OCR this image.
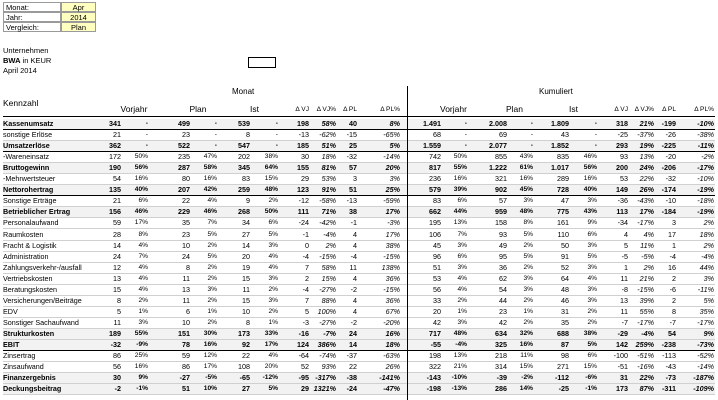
Monat:	Apr
Jahr:	2014
Vergleich:	Plan
Unternehmen
BWA in KEUR
April 2014
Monat	Kumuliert
Kennzahl
Vorjahr	Plan	Ist	Δ VJ Δ VJ% Δ PL	Δ PL%	Vorjahr	Plan	Ist	Δ VJ Δ VJ% Δ PL	Δ PL%
Kassenumsatz	341	-	499	-	539	-	198 58% 40	8%	1.491	-	2.008	-	1.809	-	318 21% -199	-10%
sonstige Erlöse	21	-	23	-	8	-	-13 -62% -15	-65%	68	-	69	-	43	-	-25 -37% -26	-38%
Umsatzerlöse	362	-	522	-	547	-	185 51% 25	5%	1.559	-	2.077	-	1.852	-	293 19% -225	-11%
-Wareneinsatz	172 50%	235 47%	202 38%	30 18% -32	-14%	742 50%	855 43%	835 46%	93 13% -20	-2%
Bruttogewinn	190 56%	287 58%	345 64%	155 81% 57	20%	817 55%	1.222 61%	1.017 56%	200 24% -206	-17%
-Mehrwertsteuer	54 16%	80 16%	83 15%	29 53% 3	3%	236 16%	321 16%	289 16%	53 22% -32	-10%
Nettorohertrag	135 40%	207 42%	259 48%	123 91% 51	25%	579 39%	902 45%	728 40%	149 26% -174	-19%
Sonstige Erträge	21	6%	22	4%	9	2%	-12 -58% -13	-59%	83 6%	57 3%	47	3%	-36 -43% -10	-18%
Betrieblicher Ertrag	156 46%	229 46%	268 50%	111 71% 38	17%	662 44%	959 48%	775 43%	113 17% -184	-19%
Personalaufwand	59 17%	35	7%	34	6%	-24 -42% -1	-3%	195 13%	158 8%	161	9%	-34 -17%	3	2%
Raumkosten	28	8%	23	5%	27	5%	-1 -4% 4	17%	106 7%	93 5%	110	6%	4 4% 17	18%
Fracht & Logistik	14	4%	10	2%	14	3%	0 2% 4	38%	45 3%	49 2%	50	3%	5 11%	1	2%
Administration	24	7%	24	5%	20	4%	-4 -15% -4	-15%	96 6%	95 5%	91	5%	-5 -5% -4	-4%
Zahlungsverkehr-/ausfall	12	4%	8	2%	19	4%	7 58% 11	138%	51 3%	36 2%	52	3%	1 2% 16	44%
Vertriebskosten	13	4%	11	2%	15	3%	2 15% 4	36%	53 4%	62 3%	64	4%	11 21%	2	3%
Beratungskosten	15	4%	13	3%	11	2%	-4 -27% -2	-15%	56 4%	54 3%	48	3%	-8 -15% -6	-11%
Versicherungen/Beiträge	8	2%	11	2%	15	3%	7 88% 4	36%	33 2%	44 2%	46	3%	13 39%	2	5%
EDV	5	1%	6	1%	10	2%	5 100% 4	67%	20 1%	23 1%	31	2%	11 55%	8	35%
Sonstiger Sachaufwand	11	3%	10	2%	8	1%	-3 -27% -2	-20%	42 3%	42 2%	35	2%	-7 -17% -7	-17%
Strukturkosten	189 55%	151 30%	173 33%	-16 -7% 24	16%	717 48%	634 32%	688 38%	-29 -4% 54	9%
EBIT	-32 -9%	78 16%	92 17%	124 386% 14	18%	-55 -4%	325 16%	87	5%	142 259% -238	-73%
Zinsertrag	86 25%	59 12%	22	4%	-64 -74% -37	-63%	198 13%	218 11%	98	6% -100 -51% -113	-52%
Zinsaufwand	56 16%	86 17%	108 20%	52 93% 22	26%	322 21%	314 15%	271 15%	-51 -16% -43	-14%
Finanzergebnis	30	9%	-27 -5%	-65 -12%	-95 -317% -38	-141%	-143 -10%	-39 -2%	-112 -6%	31 22% -73 -187%
Deckungsbeitrag	-2 -1%	51 10%	27	5%	29 1321% -24	-47%	-198 -13%	286 14%	-25 -1%	173 87% -311 -109%
